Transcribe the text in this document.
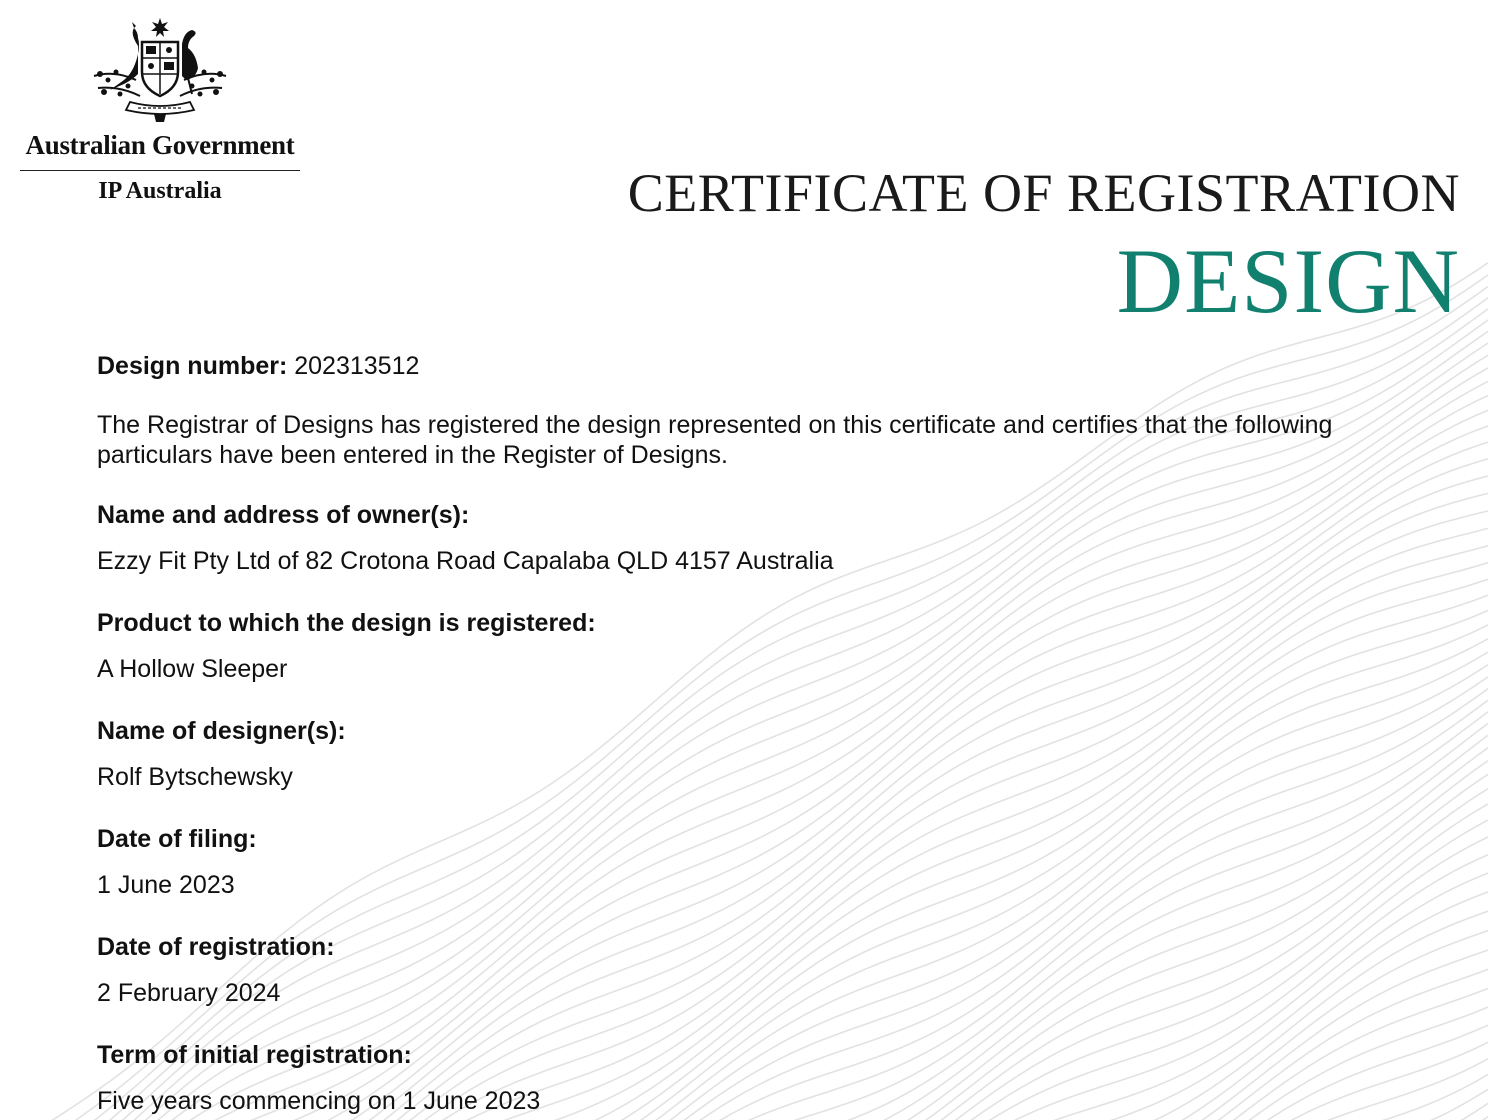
Australian Government
IP Australia	CERTIFICATE OF REGISTRATION
DESIGN

Design number: 202313512

The Registrar of Designs has registered the design represented on this certificate and certifies that the following particulars have been entered in the Register of Designs.

Name and address of owner(s):
Ezzy Fit Pty Ltd of 82 Crotona Road Capalaba QLD 4157 Australia
Product to which the design is registered:
A Hollow Sleeper
Name of designer(s):
Rolf Bytschewsky
Date of filing:
1 June 2023
Date of registration:
2 February 2024
Term of initial registration:
Five years commencing on 1 June 2023
